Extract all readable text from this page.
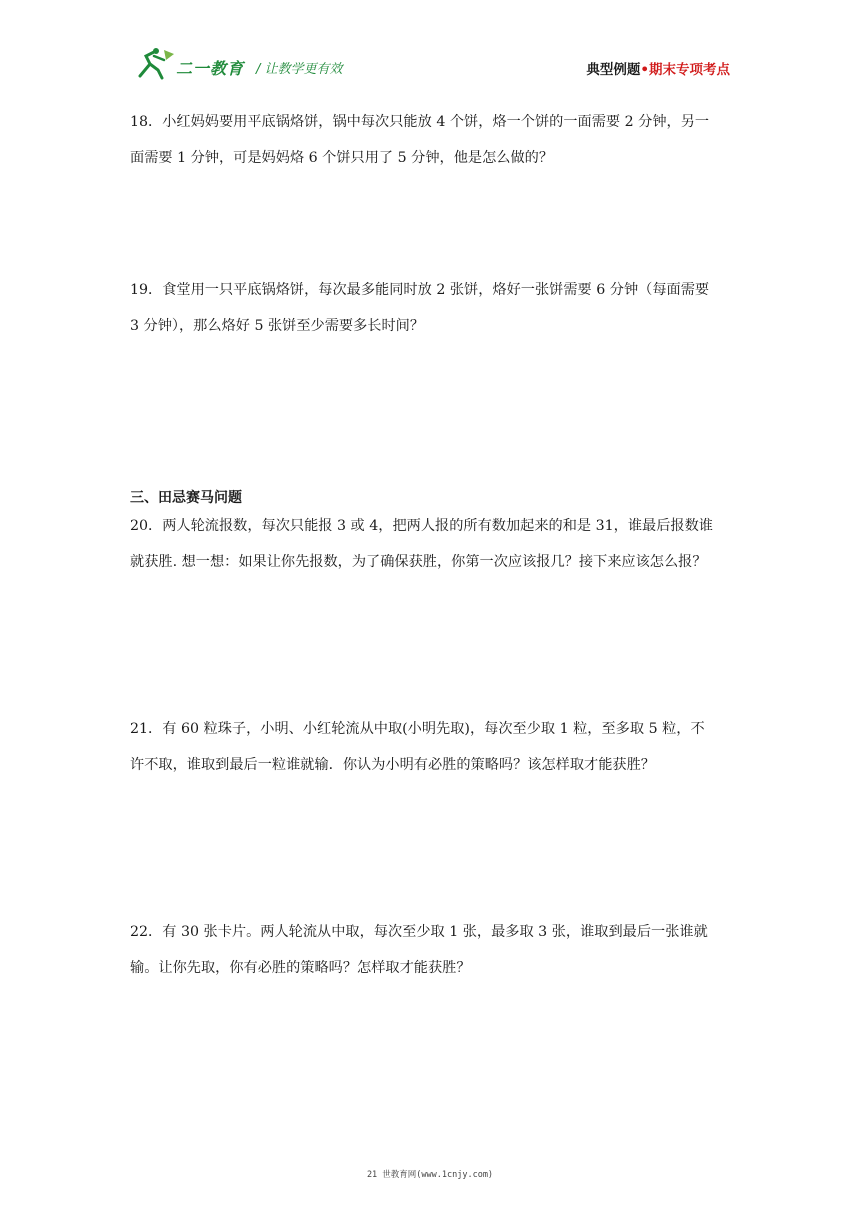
二一教育 / 让教学更有效	典型例题•期末专项考点

18．小红妈妈要用平底锅烙饼，锅中每次只能放 4 个饼，烙一个饼的一面需要 2 分钟，另一

面需要 1 分钟，可是妈妈烙 6 个饼只用了 5 分钟，他是怎么做的？

19．食堂用一只平底锅烙饼，每次最多能同时放 2 张饼，烙好一张饼需要 6 分钟（每面需要

3 分钟），那么烙好 5 张饼至少需要多长时间？

三、田忌赛马问题

20．两人轮流报数，每次只能报 3 或 4，把两人报的所有数加起来的和是 31，谁最后报数谁

就获胜. 想一想：如果让你先报数，为了确保获胜，你第一次应该报几？接下来应该怎么报？

21．有 60 粒珠子，小明、小红轮流从中取(小明先取)，每次至少取 1 粒，至多取 5 粒，不

许不取，谁取到最后一粒谁就输．你认为小明有必胜的策略吗？该怎样取才能获胜？

22．有 30 张卡片。两人轮流从中取，每次至少取 1 张，最多取 3 张，谁取到最后一张谁就

输。让你先取，你有必胜的策略吗？怎样取才能获胜？

21 世教育网(www.1cnjy.com)
